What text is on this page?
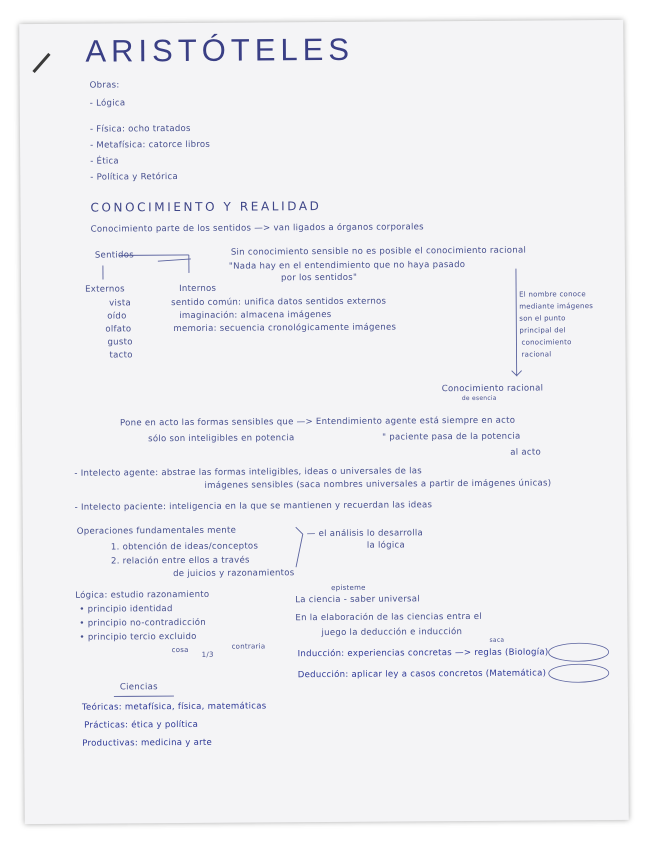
ARISTÓTELES
Obras:
- Lógica
- Física: ocho tratados
- Metafísica: catorce libros
- Ética
- Política y Retórica
CONOCIMIENTO Y REALIDAD
Conocimiento parte de los sentidos —> van ligados a órganos corporales
Sentidos	Sin conocimiento sensible no es posible el conocimiento racional
"Nada hay en el entendimiento que no haya pasado
por los sentidos"
Externos
vista
oído
olfato
gusto
tacto
Internos
sentido común: unifica datos sentidos externos
imaginación: almacena imágenes
memoria: secuencia cronológicamente imágenes
El nombre conoce
mediante imágenes
son el punto
principal del
conocimiento
racional
Conocimiento racional
de esencia
Pone en acto las formas sensibles que —> Entendimiento agente está siempre en acto
sólo son inteligibles en potencia	" paciente pasa de la potencia
al acto
- Intelecto agente: abstrae las formas inteligibles, ideas o universales de las
imágenes sensibles (saca nombres universales a partir de imágenes únicas)
- Intelecto paciente: inteligencia en la que se mantienen y recuerdan las ideas
Operaciones fundamentales mente
1. obtención de ideas/conceptos
2. relación entre ellos a través
de juicios y razonamientos
— el análisis lo desarrolla
la lógica
Lógica: estudio razonamiento
• principio identidad
• principio no-contradicción
• principio tercio excluido
cosa
1/3
contraria
episteme
La ciencia - saber universal
En la elaboración de las ciencias entra el
juego la deducción e inducción
saca
Inducción: experiencias concretas —> reglas (Biología)
Deducción: aplicar ley a casos concretos (Matemática)
Ciencias
Teóricas: metafísica, física, matemáticas
Prácticas: ética y política
Productivas: medicina y arte
